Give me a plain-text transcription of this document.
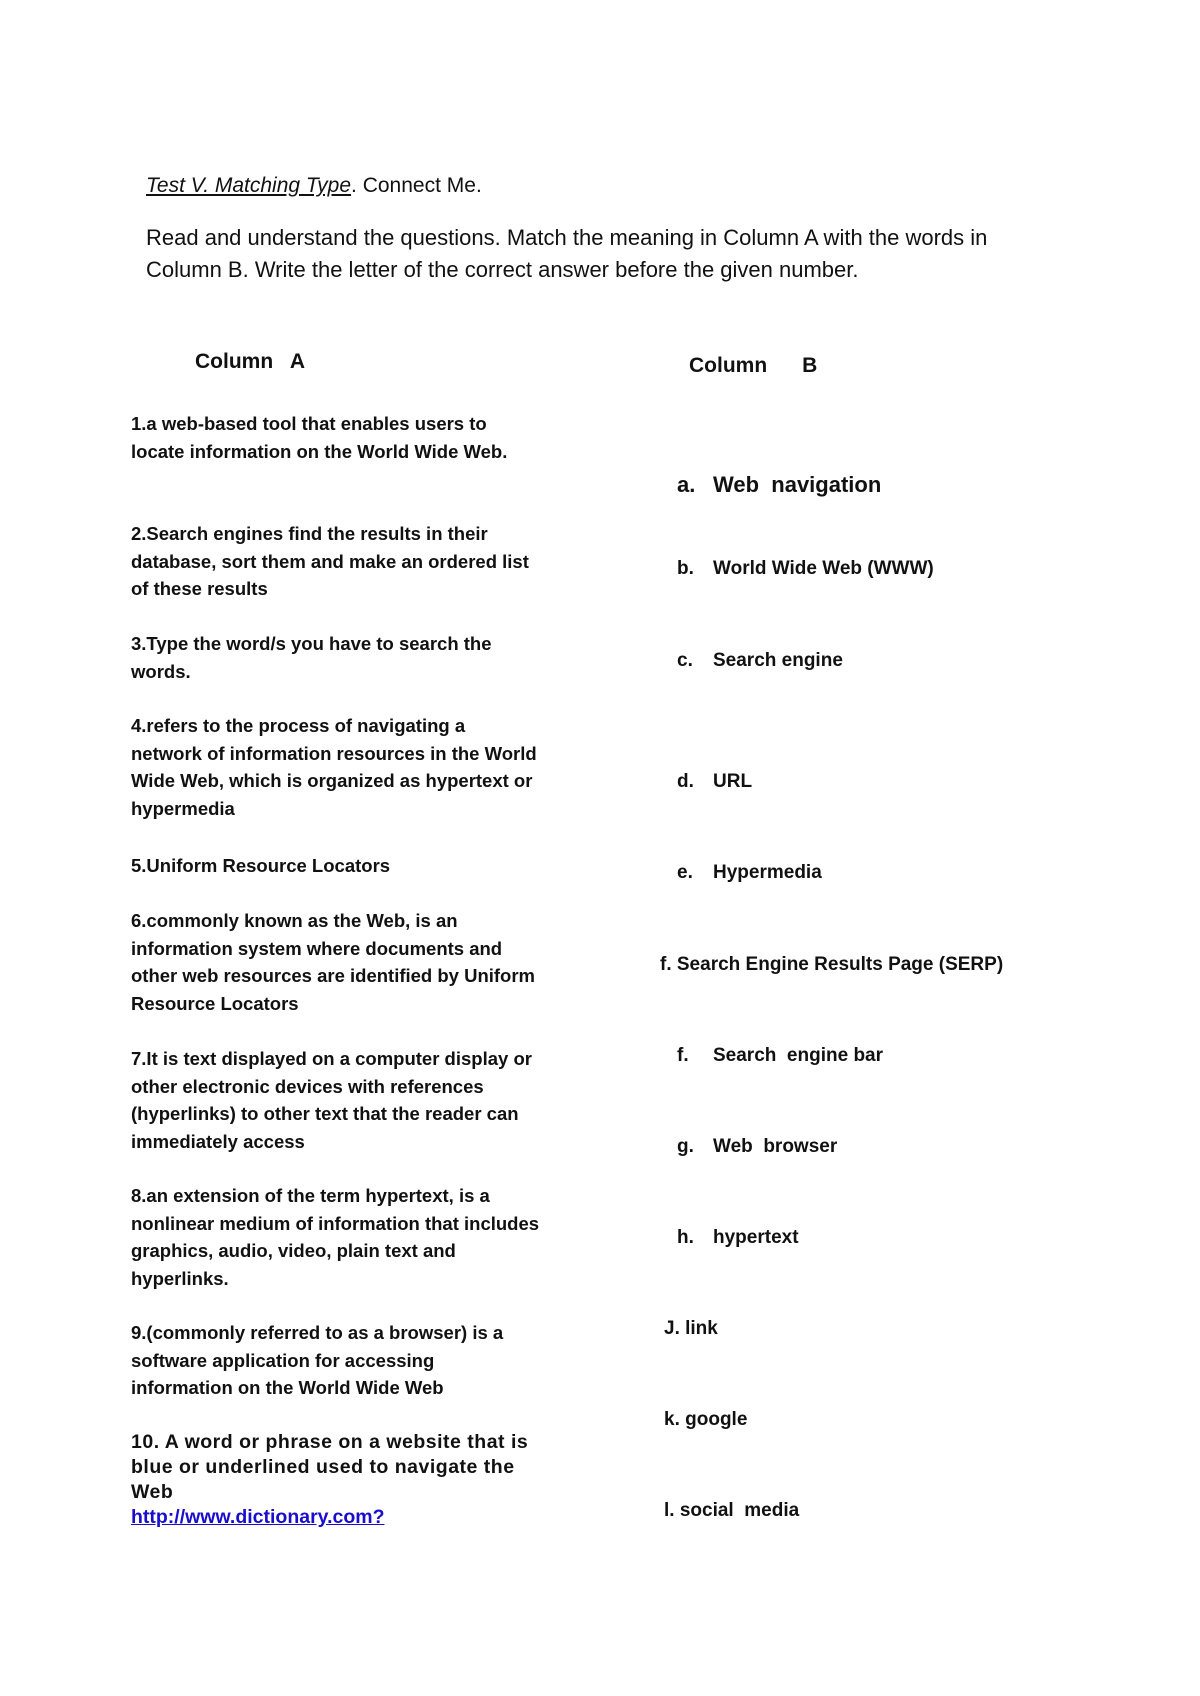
Test V. Matching Type. Connect Me.

Read and understand the questions. Match the meaning in Column A with the words in Column B. Write the letter of the correct answer before the given number.

Column   A	Column      B

1.a web-based tool that enables users to locate information on the World Wide Web.

2.Search engines find the results in their database, sort them and make an ordered list of these results

3.Type the word/s you have to search the words.

4.refers to the process of navigating a network of information resources in the World Wide Web, which is organized as hypertext or hypermedia

5.Uniform Resource Locators

6.commonly known as the Web, is an information system where documents and other web resources are identified by Uniform Resource Locators

7.It is text displayed on a computer display or other electronic devices with references (hyperlinks) to other text that the reader can immediately access

8.an extension of the term hypertext, is a nonlinear medium of information that includes graphics, audio, video, plain text and hyperlinks.

9.(commonly referred to as a browser) is a software application for accessing information on the World Wide Web

10. A word or phrase on a website that is blue or underlined used to navigate the Web
http://www.dictionary.com?

a. Web  navigation
b. World Wide Web (WWW)
c. Search engine
d. URL
e. Hypermedia
f. Search Engine Results Page (SERP)
f. Search  engine bar
g. Web  browser
h. hypertext
J. link
k. google
l. social  media
